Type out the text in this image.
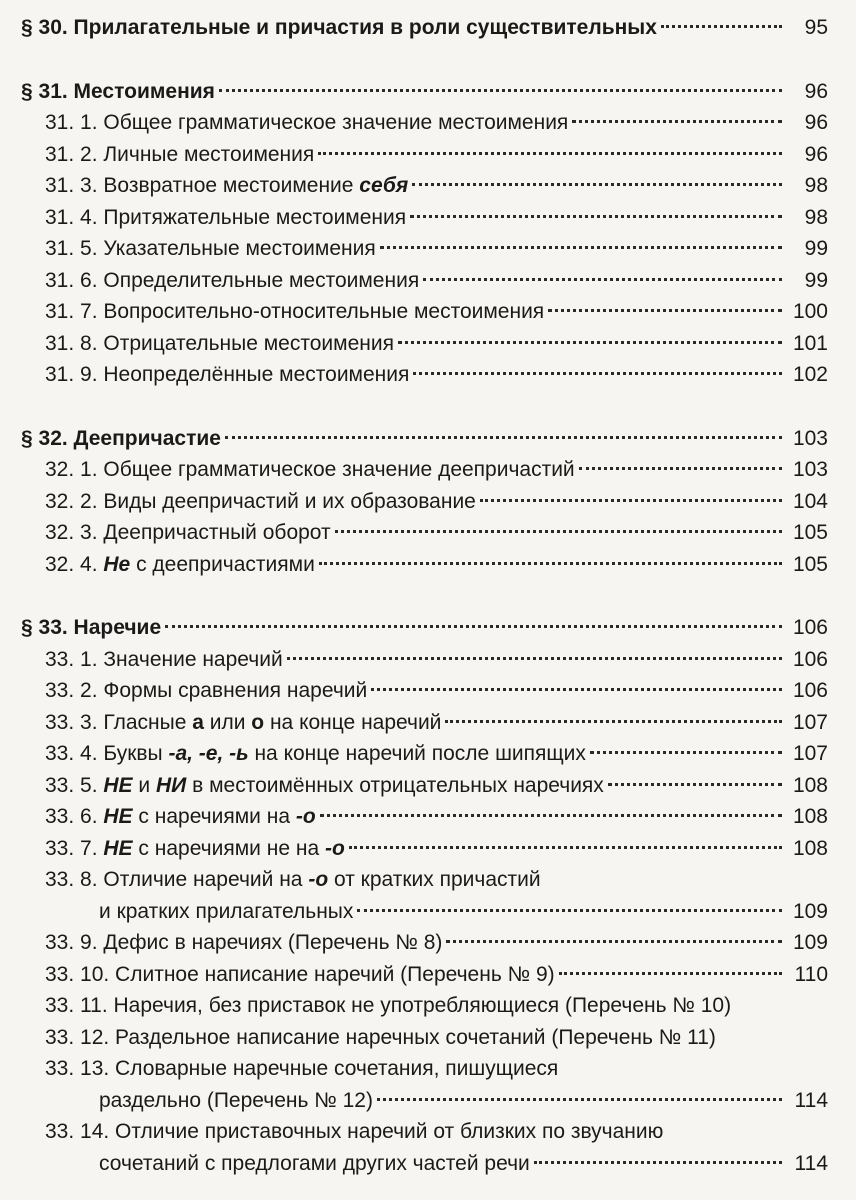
§ 30. Прилагательные и причастия в роли существительных	95
§ 31. Местоимения	96
31. 1. Общее грамматическое значение местоимения	96
31. 2. Личные местоимения	96
31. 3. Возвратное местоимение себя	98
31. 4. Притяжательные местоимения	98
31. 5. Указательные местоимения	99
31. 6. Определительные местоимения	99
31. 7. Вопросительно-относительные местоимения	100
31. 8. Отрицательные местоимения	101
31. 9. Неопределённые местоимения	102
§ 32. Деепричастие	103
32. 1. Общее грамматическое значение деепричастий	103
32. 2. Виды деепричастий и их образование	104
32. 3. Деепричастный оборот	105
32. 4. Не с деепричастиями	105
§ 33. Наречие	106
33. 1. Значение наречий	106
33. 2. Формы сравнения наречий	106
33. 3. Гласные а или о на конце наречий	107
33. 4. Буквы -а, -е, -ь на конце наречий после шипящих	107
33. 5. НЕ и НИ в местоимённых отрицательных наречиях	108
33. 6. НЕ с наречиями на -о	108
33. 7. НЕ с наречиями не на -о	108
33. 8. Отличие наречий на -о от кратких причастий
и кратких прилагательных	109
33. 9. Дефис в наречиях (Перечень № 8)	109
33. 10. Слитное написание наречий (Перечень № 9)	110
33. 11. Наречия, без приставок не употребляющиеся (Перечень № 10)
33. 12. Раздельное написание наречных сочетаний (Перечень № 11)
33. 13. Словарные наречные сочетания, пишущиеся
раздельно (Перечень № 12)	114
33. 14. Отличие приставочных наречий от близких по звучанию
сочетаний с предлогами других частей речи	114
